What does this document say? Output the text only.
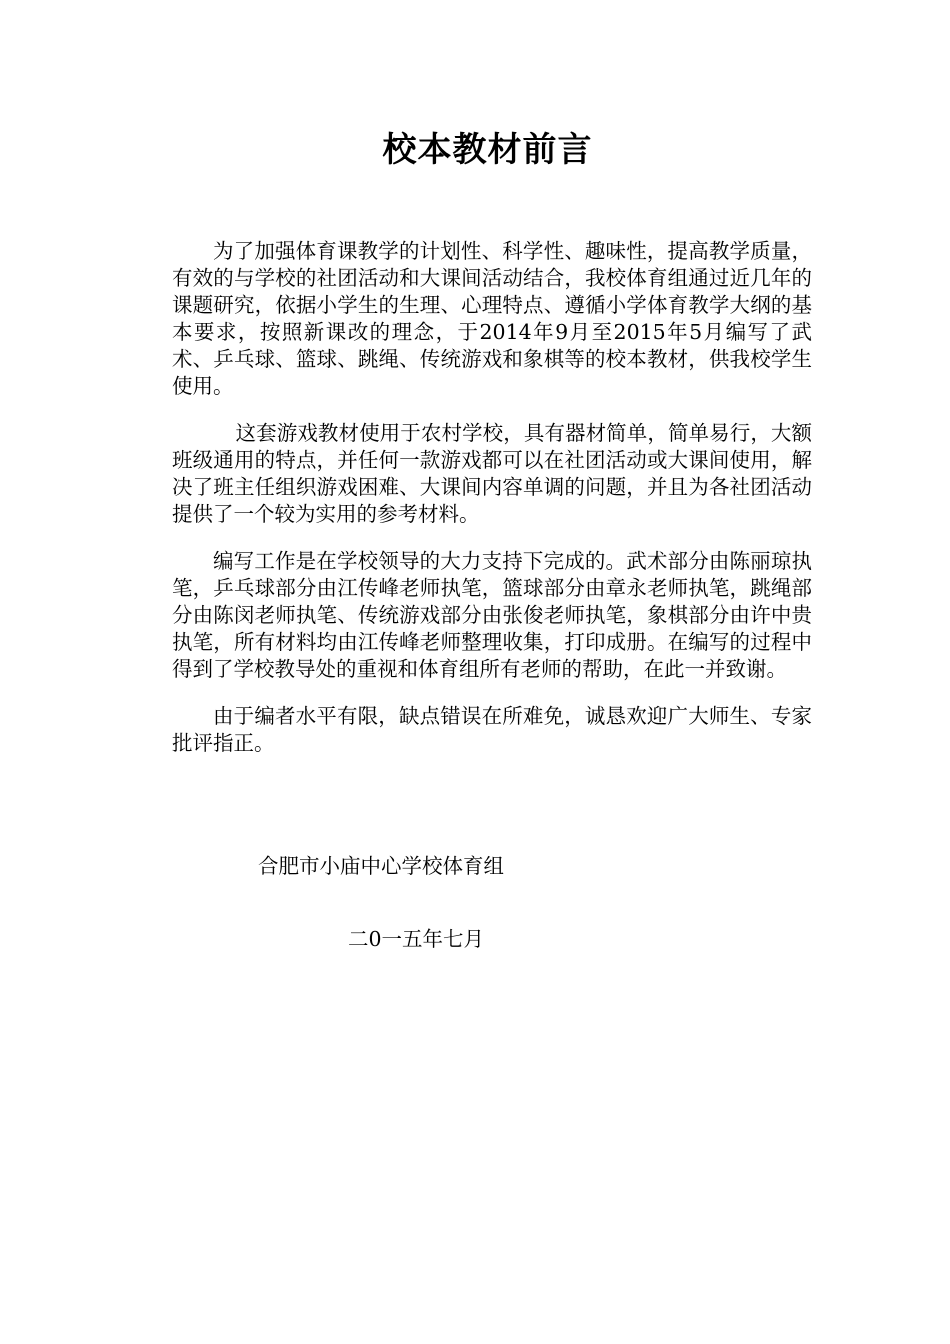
校本教材前言

为了加强体育课教学的计划性、科学性、趣味性，提高教学质量，有效的与学校的社团活动和大课间活动结合，我校体育组通过近几年的课题研究，依据小学生的生理、心理特点、遵循小学体育教学大纲的基本要求，按照新课改的理念，于2014年9月至2015年5月编写了武术、乒乓球、篮球、跳绳、传统游戏和象棋等的校本教材，供我校学生使用。

这套游戏教材使用于农村学校，具有器材简单，简单易行，大额班级通用的特点，并任何一款游戏都可以在社团活动或大课间使用，解决了班主任组织游戏困难、大课间内容单调的问题，并且为各社团活动提供了一个较为实用的参考材料。

编写工作是在学校领导的大力支持下完成的。武术部分由陈丽琼执笔，乒乓球部分由江传峰老师执笔，篮球部分由章永老师执笔，跳绳部分由陈闵老师执笔、传统游戏部分由张俊老师执笔，象棋部分由许中贵执笔，所有材料均由江传峰老师整理收集，打印成册。在编写的过程中得到了学校教导处的重视和体育组所有老师的帮助，在此一并致谢。

由于编者水平有限，缺点错误在所难免，诚恳欢迎广大师生、专家批评指正。

合肥市小庙中心学校体育组

二0一五年七月
